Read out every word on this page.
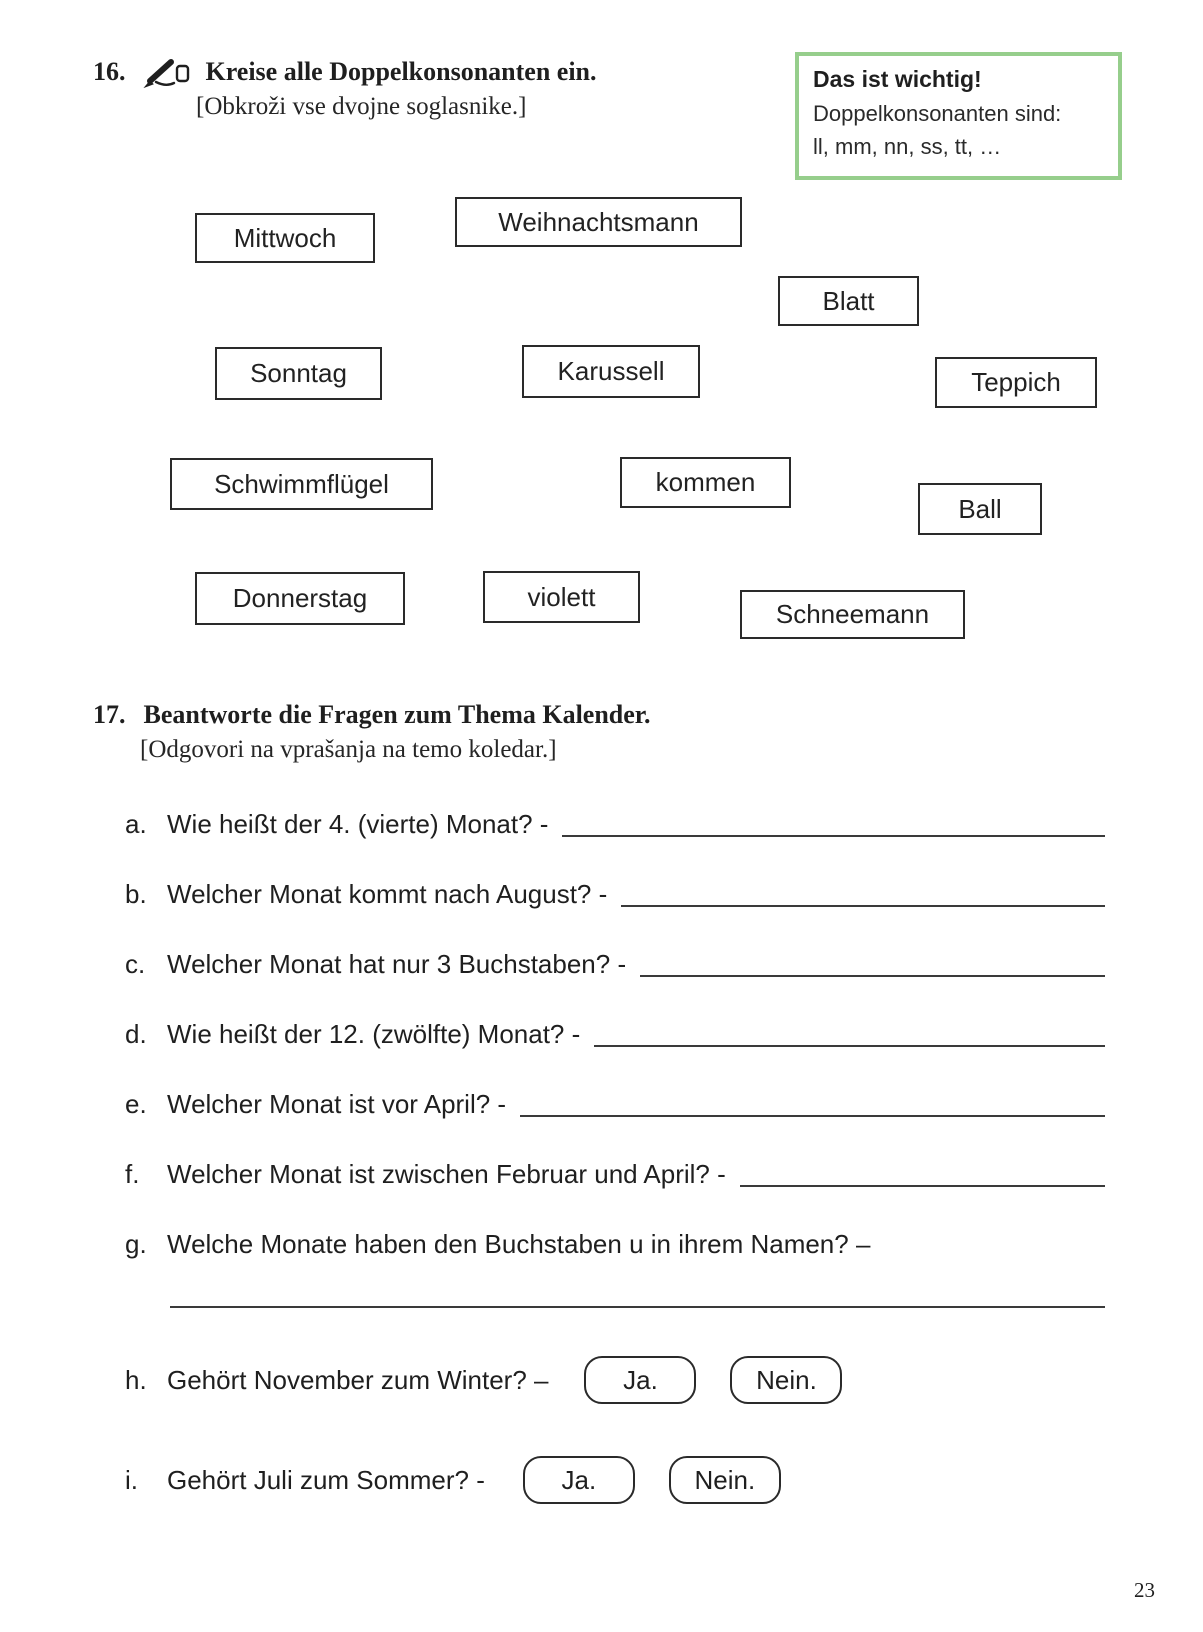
16.	Kreise alle Doppelkonsonanten ein.
[Obkroži vse dvojne soglasnike.]
Das ist wichtig!
Doppelkonsonanten sind:
ll, mm, nn, ss, tt, …
Mittwoch
Weihnachtsmann
Blatt
Sonntag	Karussell	Teppich
Schwimmflügel	kommen
Ball
Donnerstag	violett
Schneemann
17. Beantworte die Fragen zum Thema Kalender.
[Odgovori na vprašanja na temo koledar.]
a. Wie heißt der 4. (vierte) Monat? -
b. Welcher Monat kommt nach August? -
c. Welcher Monat hat nur 3 Buchstaben? -
d. Wie heißt der 12. (zwölfte) Monat? -
e. Welcher Monat ist vor April? -
f.	Welcher Monat ist zwischen Februar und April? -
g. Welche Monate haben den Buchstaben u in ihrem Namen? –
h. Gehört November zum Winter? –	Ja.	Nein.
i.	Gehört Juli zum Sommer? -	Ja.	Nein.
23
